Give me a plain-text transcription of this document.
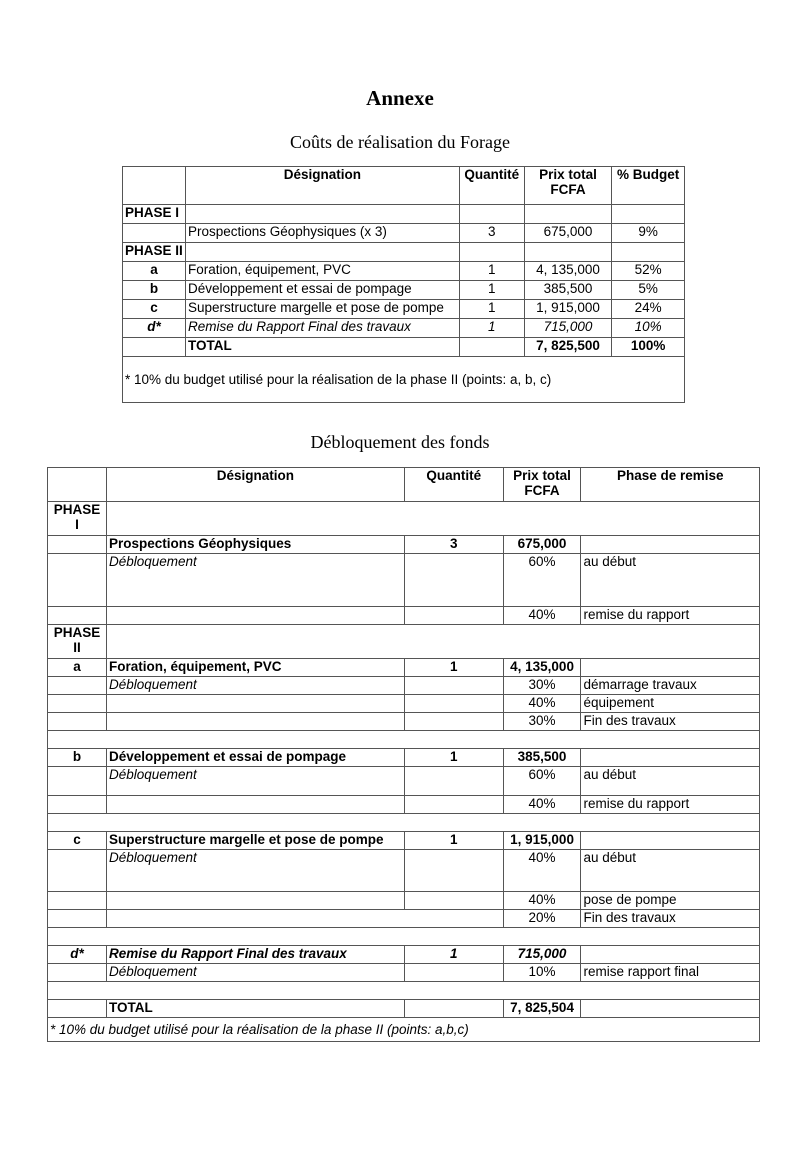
Annexe
Coûts de réalisation du Forage
	Désignation	Quantité	Prix total FCFA	% Budget
PHASE I				
	Prospections Géophysiques (x 3)	3	675,000	9%
PHASE II				
a	Foration, équipement, PVC	1	4, 135,000	52%
b	Développement et essai de pompage	1	385,500	5%
c	Superstructure margelle et pose de pompe	1	1, 915,000	24%
d*	Remise du Rapport Final des travaux	1	715,000	10%
	TOTAL		7, 825,500	100%
* 10% du budget utilisé pour la réalisation de la phase II (points: a, b, c)				
Débloquement des fonds
	Désignation	Quantité	Prix total FCFA	Phase de remise
PHASE I				
	Prospections Géophysiques	3	675,000	
	Débloquement		60%	au début
			40%	remise du rapport
PHASE II				
a	Foration, équipement, PVC	1	4, 135,000	
	Débloquement		30%	démarrage travaux
			40%	équipement
			30%	Fin des travaux

b	Développement et essai de pompage	1	385,500	
	Débloquement		60%	au début
			40%	remise du rapport

c	Superstructure margelle et pose de pompe	1	1, 915,000	
	Débloquement		40%	au début
			40%	pose de pompe
			20%	Fin des travaux

d*	Remise du Rapport Final des travaux	1	715,000	
	Débloquement		10%	remise rapport final

	TOTAL		7, 825,504	
* 10% du budget utilisé pour la réalisation de la phase II (points: a,b,c)				
